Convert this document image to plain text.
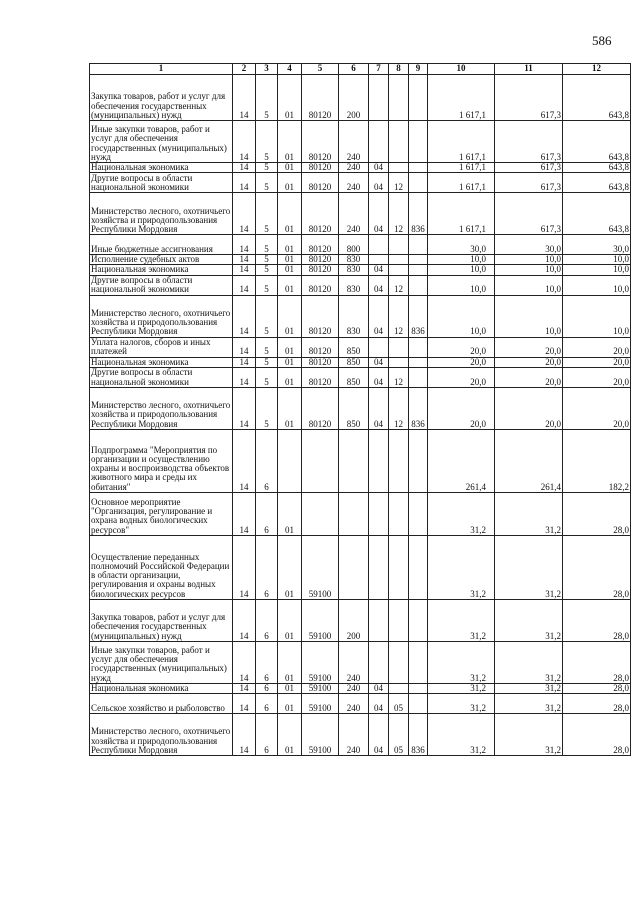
586
1	2	3	4	5	6	7	8	9	10	11	12
Закупка товаров, работ и услуг для обеспечения государственных (муниципальных) нужд	14	5	01	80120	200				1 617,1	617,3	643,8
Иные закупки товаров, работ и услуг для обеспечения государственных (муниципальных) нужд	14	5	01	80120	240				1 617,1	617,3	643,8
Национальная экономика	14	5	01	80120	240	04			1 617,1	617,3	643,8
Другие вопросы в области национальной экономики	14	5	01	80120	240	04	12		1 617,1	617,3	643,8
Министерство лесного, охотничьего хозяйства и природопользования Республики Мордовия	14	5	01	80120	240	04	12	836	1 617,1	617,3	643,8
Иные бюджетные ассигнования	14	5	01	80120	800				30,0	30,0	30,0
Исполнение судебных актов	14	5	01	80120	830				10,0	10,0	10,0
Национальная экономика	14	5	01	80120	830	04			10,0	10,0	10,0
Другие вопросы в области национальной экономики	14	5	01	80120	830	04	12		10,0	10,0	10,0
Министерство лесного, охотничьего хозяйства и природопользования Республики Мордовия	14	5	01	80120	830	04	12	836	10,0	10,0	10,0
Уплата налогов, сборов и иных платежей	14	5	01	80120	850				20,0	20,0	20,0
Национальная экономика	14	5	01	80120	850	04			20,0	20,0	20,0
Другие вопросы в области национальной экономики	14	5	01	80120	850	04	12		20,0	20,0	20,0
Министерство лесного, охотничьего хозяйства и природопользования Республики Мордовия	14	5	01	80120	850	04	12	836	20,0	20,0	20,0
Подпрограмма "Мероприятия по организации и осуществлению охраны и воспроизводства объектов животного мира и среды их обитания"	14	6							261,4	261,4	182,2
Основное мероприятие "Организация, регулирование и охрана водных биологических ресурсов"	14	6	01						31,2	31,2	28,0
Осуществление переданных полномочий Российской Федерации в области организации, регулирования и охраны водных биологических ресурсов	14	6	01	59100					31,2	31,2	28,0
Закупка товаров, работ и услуг для обеспечения государственных (муниципальных) нужд	14	6	01	59100	200				31,2	31,2	28,0
Иные закупки товаров, работ и услуг для обеспечения государственных (муниципальных) нужд	14	6	01	59100	240				31,2	31,2	28,0
Национальная экономика	14	6	01	59100	240	04			31,2	31,2	28,0
Сельское хозяйство и рыболовство	14	6	01	59100	240	04	05		31,2	31,2	28,0
Министерство лесного, охотничьего хозяйства и природопользования Республики Мордовия	14	6	01	59100	240	04	05	836	31,2	31,2	28,0
